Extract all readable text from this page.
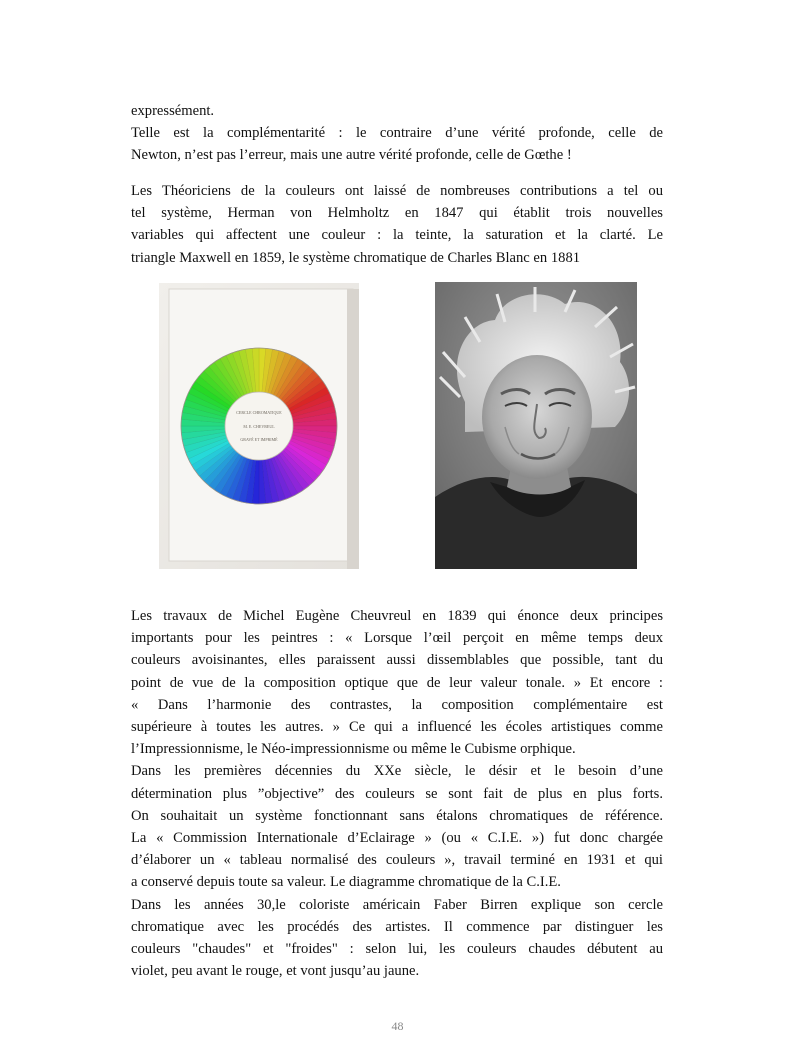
expressément.
Telle est la complémentarité : le contraire d’une vérité profonde, celle de
Newton, n’est pas l’erreur, mais une autre vérité profonde, celle de Gœthe !
Les Théoriciens de la couleurs ont laissé de nombreuses contributions a tel ou
tel système, Herman von Helmholtz en 1847 qui établit trois nouvelles
variables qui affectent une couleur : la teinte, la saturation et la clarté. Le
triangle Maxwell en 1859, le système chromatique de Charles Blanc en 1881
CERCLE CHROMATIQUE
M. E. CHEVREUL
GRAVÉ ET IMPRIMÉ
Les travaux de Michel Eugène Cheuvreul en 1839 qui énonce deux principes
importants pour les peintres : « Lorsque l’œil perçoit en même temps deux
couleurs avoisinantes, elles paraissent aussi dissemblables que possible, tant du
point de vue de la composition optique que de leur valeur tonale. » Et encore :
« Dans l’harmonie des contrastes, la composition complémentaire est
supérieure à toutes les autres. » Ce qui a influencé les écoles artistiques comme
l’Impressionnisme, le Néo-impressionnisme ou même le Cubisme orphique.
Dans les premières décennies du XXe siècle, le désir et le besoin d’une
détermination plus ”objective” des couleurs se sont fait de plus en plus forts.
On souhaitait un système fonctionnant sans étalons chromatiques de référence.
La « Commission Internationale d’Eclairage » (ou « C.I.E. ») fut donc chargée
d’élaborer un « tableau normalisé des couleurs », travail terminé en 1931 et qui
a conservé depuis toute sa valeur. Le diagramme chromatique de la C.I.E.
Dans les années 30,le coloriste américain Faber Birren explique son cercle
chromatique avec les procédés des artistes. Il commence par distinguer les
couleurs "chaudes" et "froides" : selon lui, les couleurs chaudes débutent au
violet, peu avant le rouge, et vont jusqu’au jaune.
48
